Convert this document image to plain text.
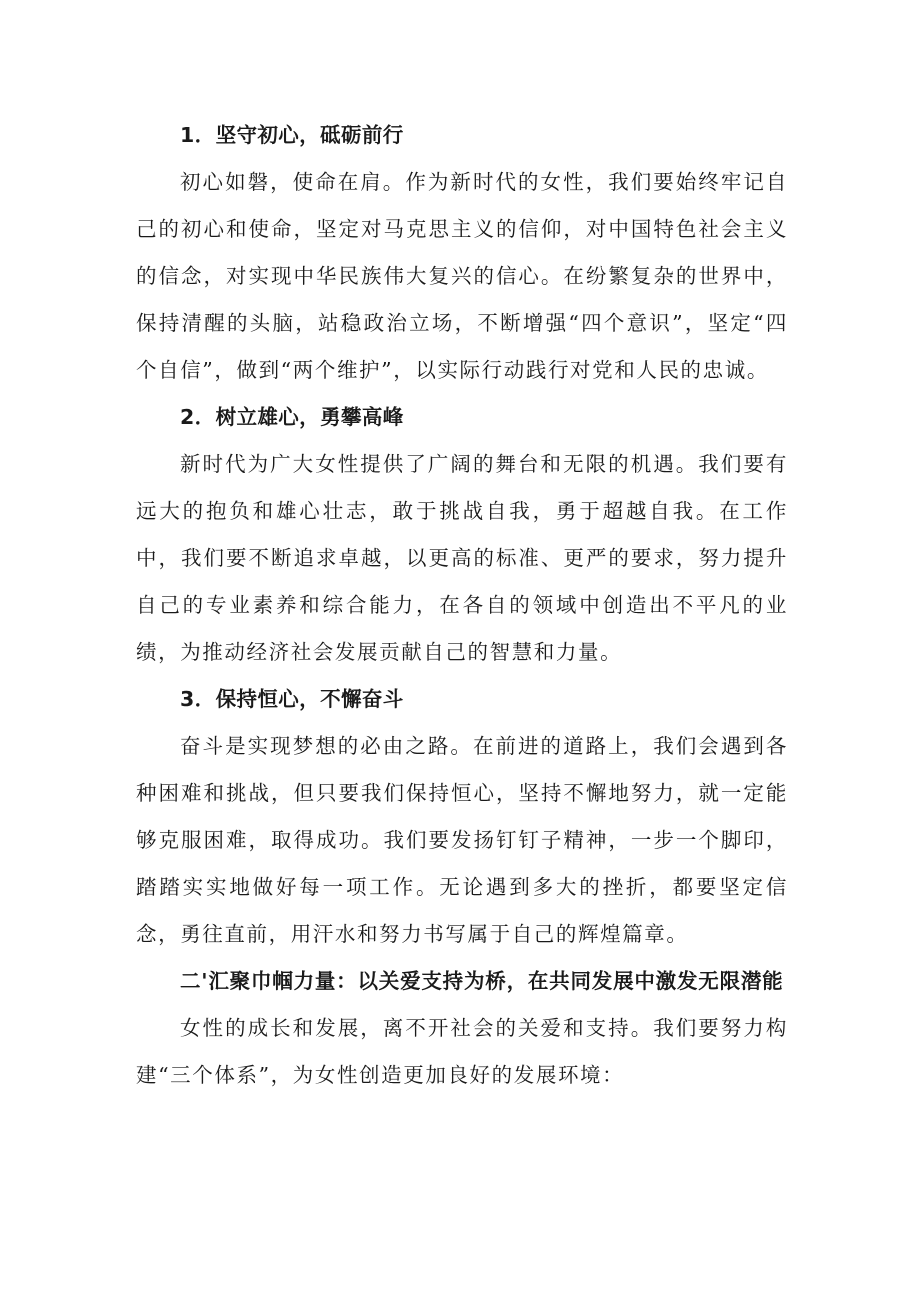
1．坚守初心，砥砺前行

初心如磐，使命在肩。作为新时代的女性，我们要始终牢记自己的初心和使命，坚定对马克思主义的信仰，对中国特色社会主义的信念，对实现中华民族伟大复兴的信心。在纷繁复杂的世界中，保持清醒的头脑，站稳政治立场，不断增强“四个意识”，坚定“四个自信”，做到“两个维护”，以实际行动践行对党和人民的忠诚。

2．树立雄心，勇攀高峰

新时代为广大女性提供了广阔的舞台和无限的机遇。我们要有远大的抱负和雄心壮志，敢于挑战自我，勇于超越自我。在工作中，我们要不断追求卓越，以更高的标准、更严的要求，努力提升自己的专业素养和综合能力，在各自的领域中创造出不平凡的业绩，为推动经济社会发展贡献自己的智慧和力量。

3．保持恒心，不懈奋斗

奋斗是实现梦想的必由之路。在前进的道路上，我们会遇到各种困难和挑战，但只要我们保持恒心，坚持不懈地努力，就一定能够克服困难，取得成功。我们要发扬钉钉子精神，一步一个脚印，踏踏实实地做好每一项工作。无论遇到多大的挫折，都要坚定信念，勇往直前，用汗水和努力书写属于自己的辉煌篇章。

二'汇聚巾帼力量：以关爱支持为桥，在共同发展中激发无限潜能

女性的成长和发展，离不开社会的关爱和支持。我们要努力构建“三个体系”，为女性创造更加良好的发展环境：
